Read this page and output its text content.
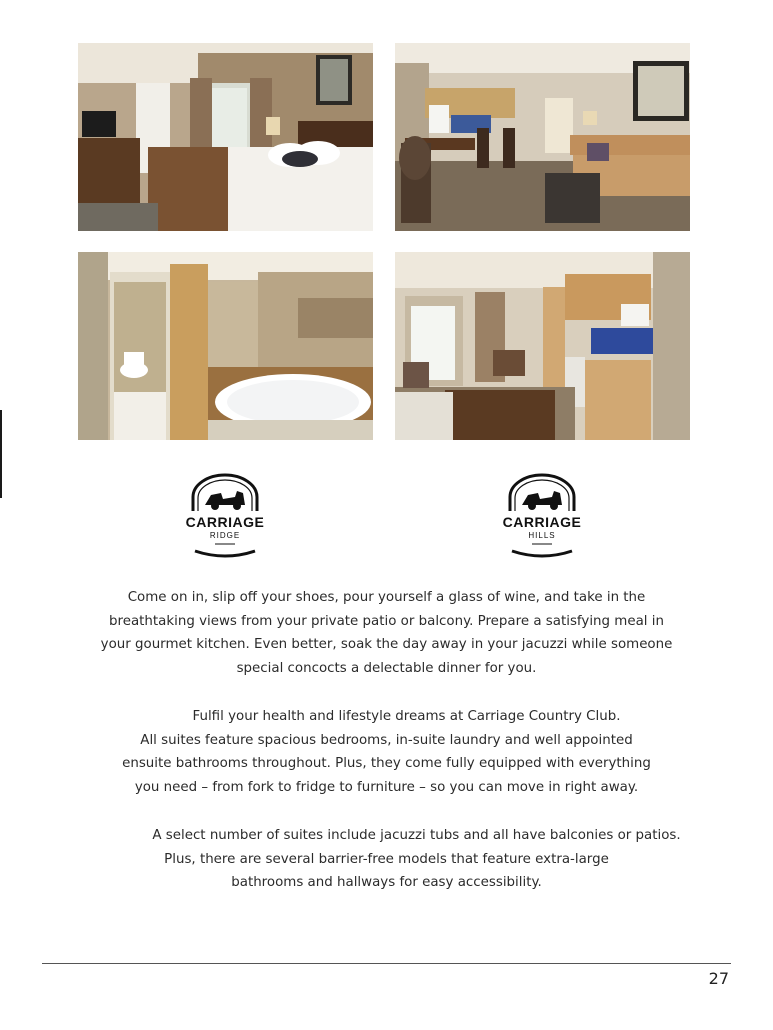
CARRIAGE
RIDGE
CARRIAGE
HILLS
Come on in, slip off your shoes, pour yourself a glass of wine, and take in the
breathtaking views from your private patio or balcony. Prepare a satisfying meal in
your gourmet kitchen. Even better, soak the day away in your jacuzzi while someone
special concocts a delectable dinner for you.
Fulfil your health and lifestyle dreams at Carriage Country Club.
All suites feature spacious bedrooms, in-suite laundry and well appointed
ensuite bathrooms throughout. Plus, they come fully equipped with everything
you need – from fork to fridge to furniture – so you can move in right away.
A select number of suites include jacuzzi tubs and all have balconies or patios.
Plus, there are several barrier-free models that feature extra-large
bathrooms and hallways for easy accessibility.
27
